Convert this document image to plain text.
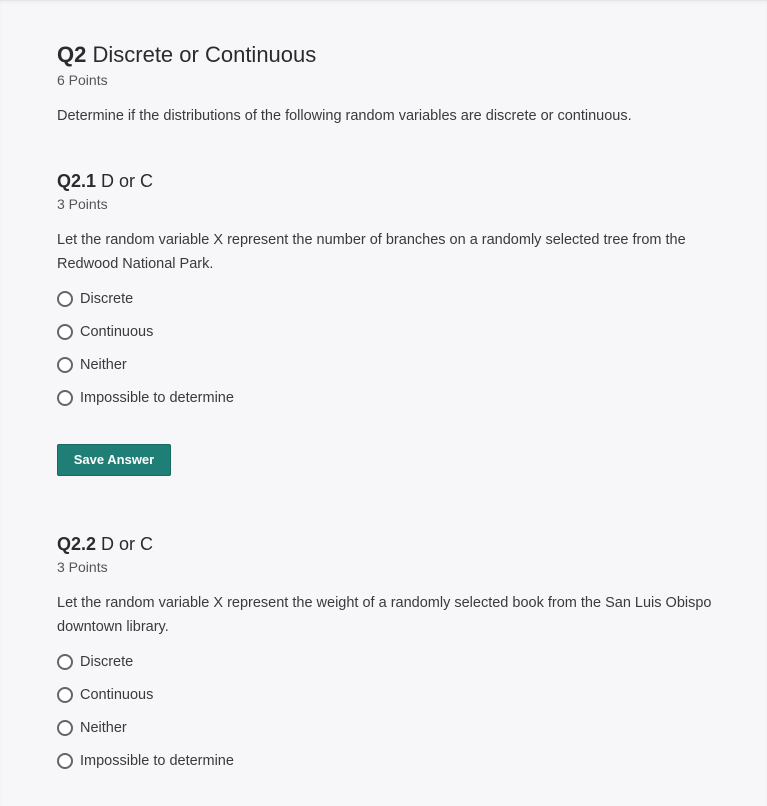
Q2 Discrete or Continuous
6 Points
Determine if the distributions of the following random variables are discrete or continuous.
Q2.1 D or C
3 Points
Let the random variable X represent the number of branches on a randomly selected tree from the Redwood National Park.
Discrete
Continuous
Neither
Impossible to determine
Save Answer
Q2.2 D or C
3 Points
Let the random variable X represent the weight of a randomly selected book from the San Luis Obispo downtown library.
Discrete
Continuous
Neither
Impossible to determine
